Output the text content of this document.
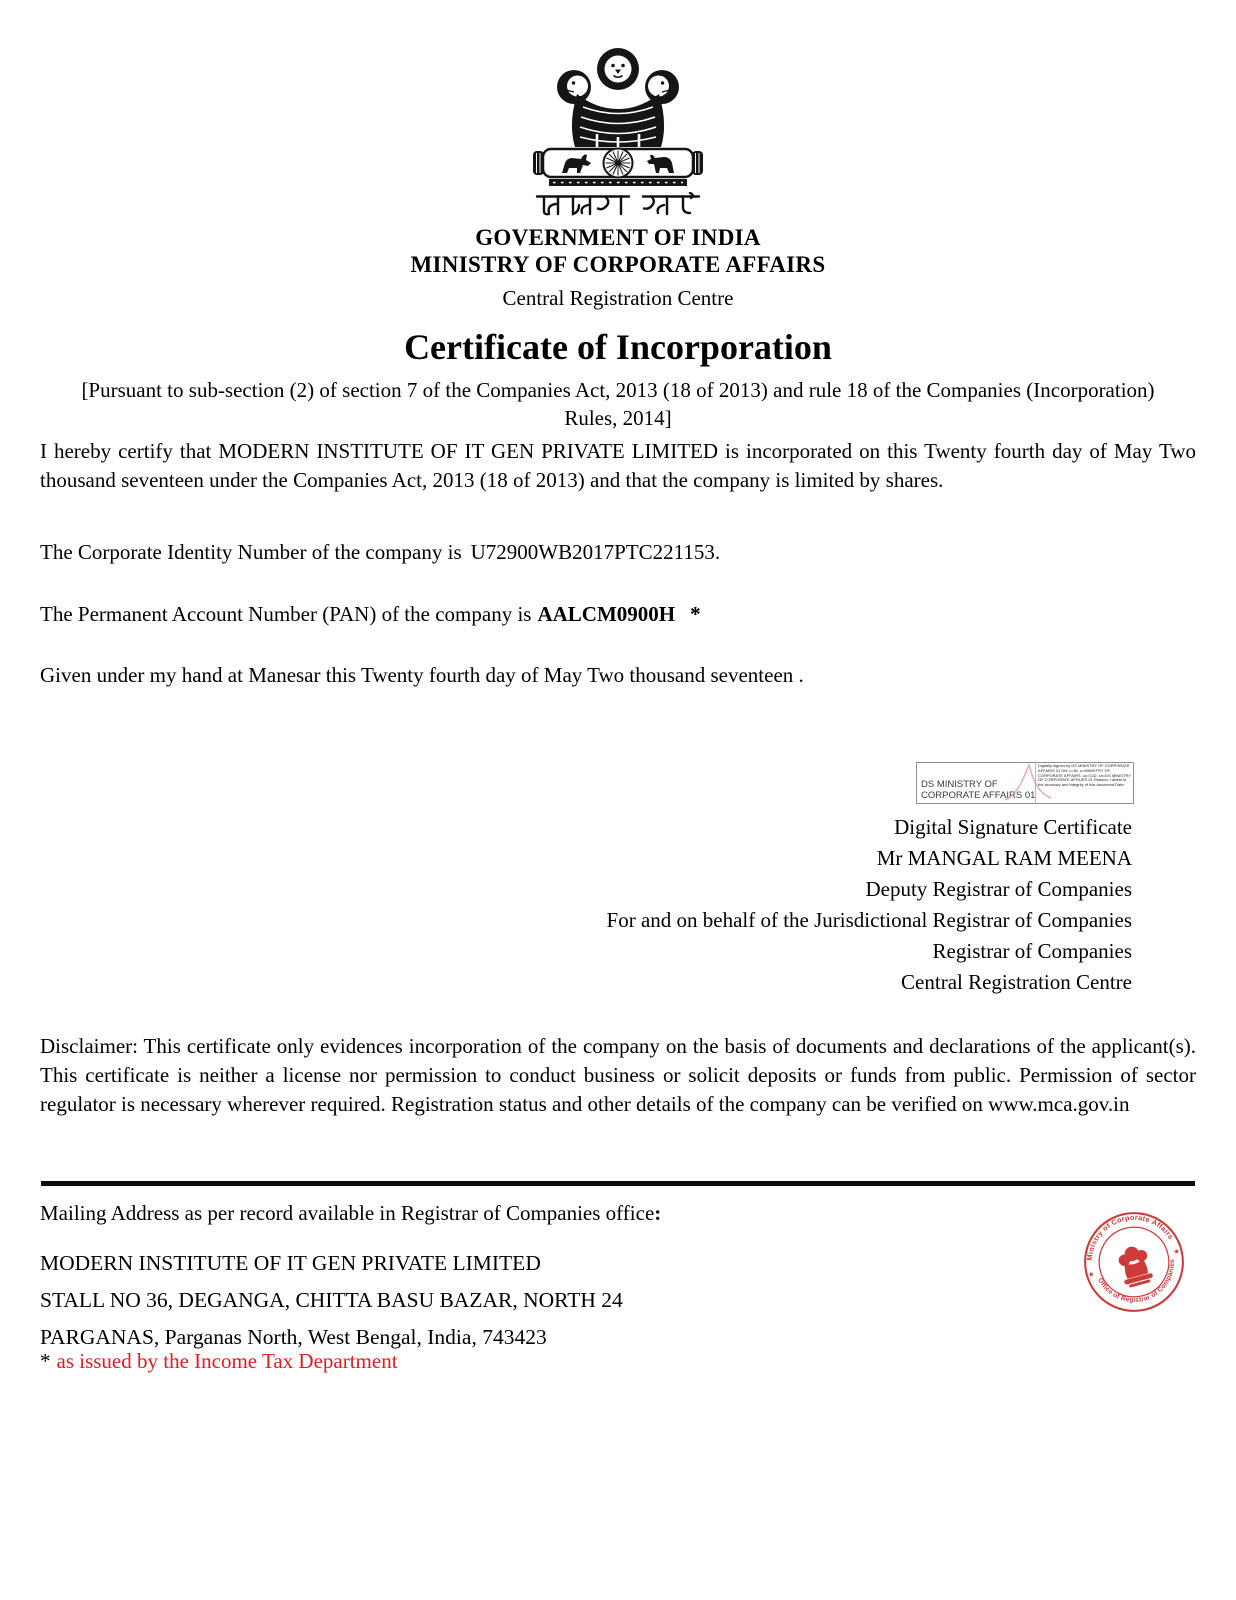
GOVERNMENT OF INDIA
MINISTRY OF CORPORATE AFFAIRS
Central Registration Centre
Certificate of Incorporation
[Pursuant to sub-section (2) of section 7 of the Companies Act, 2013 (18 of 2013) and rule 18 of the Companies (Incorporation) Rules, 2014]
I hereby certify that MODERN INSTITUTE OF IT GEN PRIVATE LIMITED is incorporated on this Twenty fourth day of May Two thousand seventeen under the Companies Act, 2013 (18 of 2013) and that the company is limited by shares.
The Corporate Identity Number of the company is U72900WB2017PTC221153.
The Permanent Account Number (PAN) of the company is AALCM0900H *
Given under my hand at Manesar this Twenty fourth day of May Two thousand seventeen .
DS MINISTRY OF
CORPORATE AFFAIRS 01
Digitally signed by DS MINISTRY OF CORPORATE AFFAIRS 01 DN: c=IN, o=MINISTRY OF CORPORATE AFFAIRS, ou=CID, cn=DS MINISTRY OF CORPORATE AFFAIRS 01 Reason: I attest to the accuracy and integrity of this document Date:
Digital Signature Certificate
Mr MANGAL RAM MEENA
Deputy Registrar of Companies
For and on behalf of the Jurisdictional Registrar of Companies
Registrar of Companies
Central Registration Centre
Disclaimer: This certificate only evidences incorporation of the company on the basis of documents and declarations of the applicant(s). This certificate is neither a license nor permission to conduct business or solicit deposits or funds from public. Permission of sector regulator is necessary wherever required. Registration status and other details of the company can be verified on www.mca.gov.in
Mailing Address as per record available in Registrar of Companies office:
MODERN INSTITUTE OF IT GEN PRIVATE LIMITED
STALL NO 36, DEGANGA, CHITTA BASU BAZAR, NORTH 24
PARGANAS, Parganas North, West Bengal, India, 743423
Ministry of Corporate Affairs
Office of Registrar of Companies
★
★
* as issued by the Income Tax Department
